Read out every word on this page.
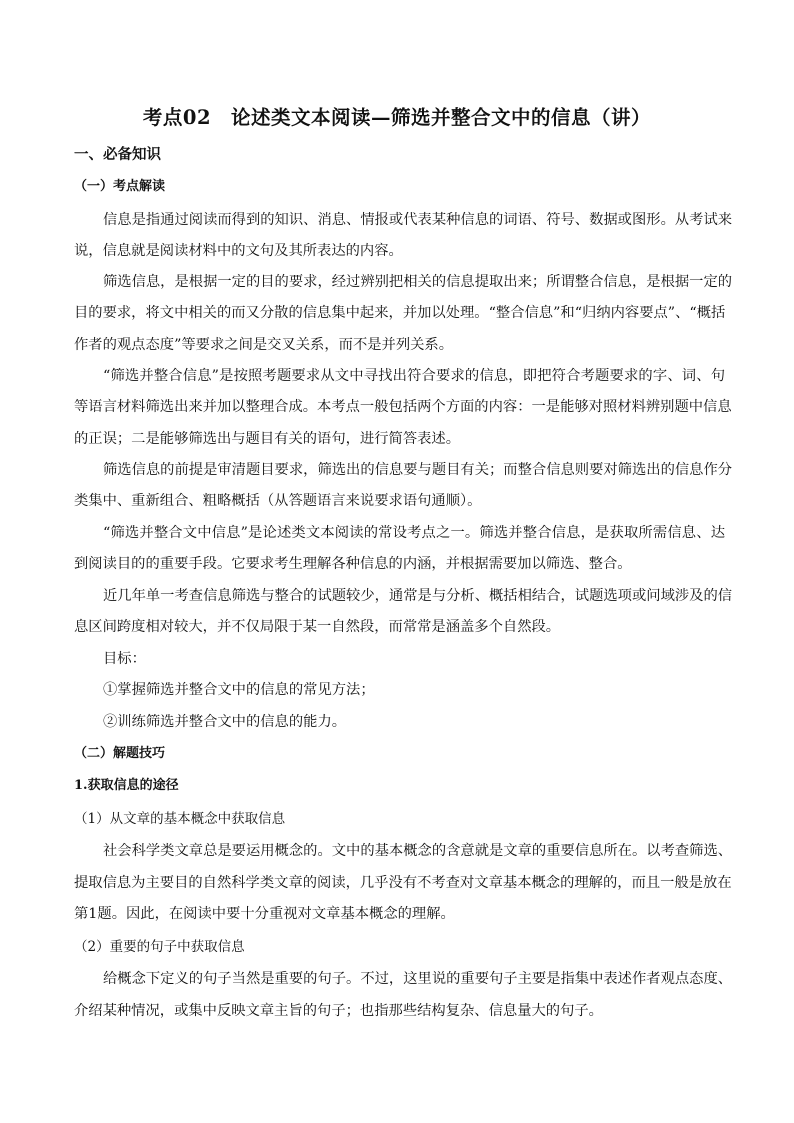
考点02　论述类文本阅读—筛选并整合文中的信息（讲）
一、必备知识
（一）考点解读
信息是指通过阅读而得到的知识、消息、情报或代表某种信息的词语、符号、数据或图形。从考试来
说，信息就是阅读材料中的文句及其所表达的内容。
筛选信息，是根据一定的目的要求，经过辨别把相关的信息提取出来；所谓整合信息，是根据一定的
目的要求，将文中相关的而又分散的信息集中起来，并加以处理。“整合信息”和“归纳内容要点”、“概括
作者的观点态度”等要求之间是交叉关系，而不是并列关系。
“筛选并整合信息”是按照考题要求从文中寻找出符合要求的信息，即把符合考题要求的字、词、句
等语言材料筛选出来并加以整理合成。本考点一般包括两个方面的内容：一是能够对照材料辨别题中信息
的正误；二是能够筛选出与题目有关的语句，进行简答表述。
筛选信息的前提是审清题目要求，筛选出的信息要与题目有关；而整合信息则要对筛选出的信息作分
类集中、重新组合、粗略概括（从答题语言来说要求语句通顺）。
“筛选并整合文中信息”是论述类文本阅读的常设考点之一。筛选并整合信息，是获取所需信息、达
到阅读目的的重要手段。它要求考生理解各种信息的内涵，并根据需要加以筛选、整合。
近几年单一考查信息筛选与整合的试题较少，通常是与分析、概括相结合，试题选项或问域涉及的信
息区间跨度相对较大，并不仅局限于某一自然段，而常常是涵盖多个自然段。
目标：
①掌握筛选并整合文中的信息的常见方法；
②训练筛选并整合文中的信息的能力。
（二）解题技巧
1.获取信息的途径
（1）从文章的基本概念中获取信息
社会科学类文章总是要运用概念的。文中的基本概念的含意就是文章的重要信息所在。以考查筛选、
提取信息为主要目的自然科学类文章的阅读，几乎没有不考查对文章基本概念的理解的，而且一般是放在
第1题。因此，在阅读中要十分重视对文章基本概念的理解。
（2）重要的句子中获取信息
给概念下定义的句子当然是重要的句子。不过，这里说的重要句子主要是指集中表述作者观点态度、
介绍某种情况，或集中反映文章主旨的句子；也指那些结构复杂、信息量大的句子。
